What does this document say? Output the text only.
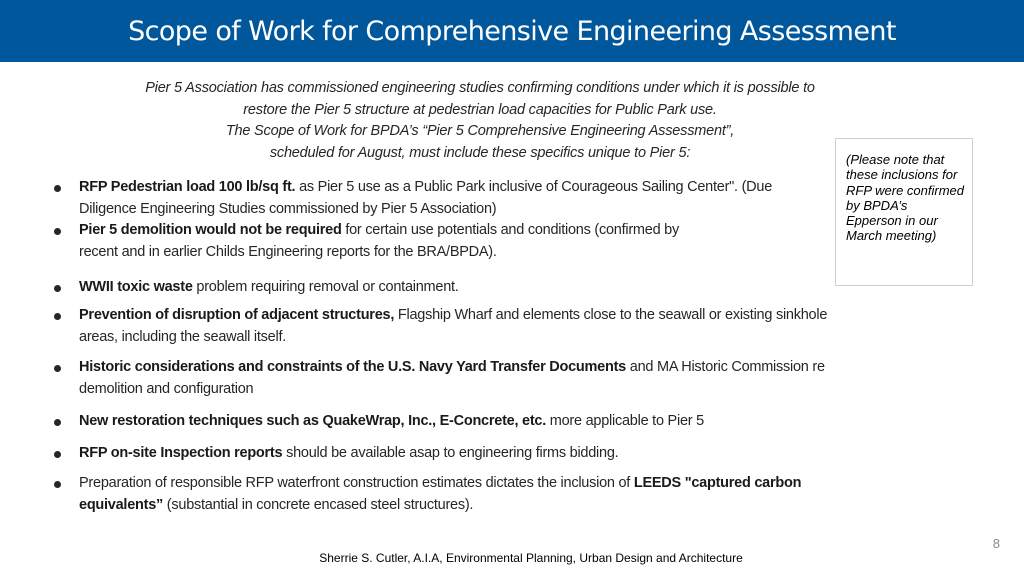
Scope of Work for Comprehensive Engineering Assessment
Pier 5 Association has commissioned engineering studies confirming conditions under which it is possible to
restore the Pier 5 structure at pedestrian load capacities for Public Park use.
The Scope of Work for BPDA’s “Pier 5 Comprehensive Engineering Assessment”,
scheduled for August, must include these specifics unique to Pier 5:	(Please note that these inclusions for RFP were confirmed by BPDA’s Epperson in our March meeting)

RFP Pedestrian load 100 lb/sq ft. as Pier 5 use as a Public Park inclusive of Courageous Sailing Center". (Due Diligence Engineering Studies commissioned by Pier 5 Association)
Pier 5 demolition would not be required for certain use potentials and conditions (confirmed by recent and in earlier Childs Engineering reports for the BRA/BPDA).
WWII toxic waste problem requiring removal or containment.
Prevention of disruption of adjacent structures, Flagship Wharf and elements close to the seawall or existing sinkhole areas, including the seawall itself.
Historic considerations and constraints of the U.S. Navy Yard Transfer Documents and MA Historic Commission re demolition and configuration
New restoration techniques such as QuakeWrap, Inc., E-Concrete, etc. more applicable to Pier 5
RFP on-site Inspection reports should be available asap to engineering firms bidding.
Preparation of responsible RFP waterfront construction estimates dictates the inclusion of LEEDS "captured carbon equivalents” (substantial in concrete encased steel structures).
8
Sherrie S. Cutler, A.I.A, Environmental Planning, Urban Design and Architecture
